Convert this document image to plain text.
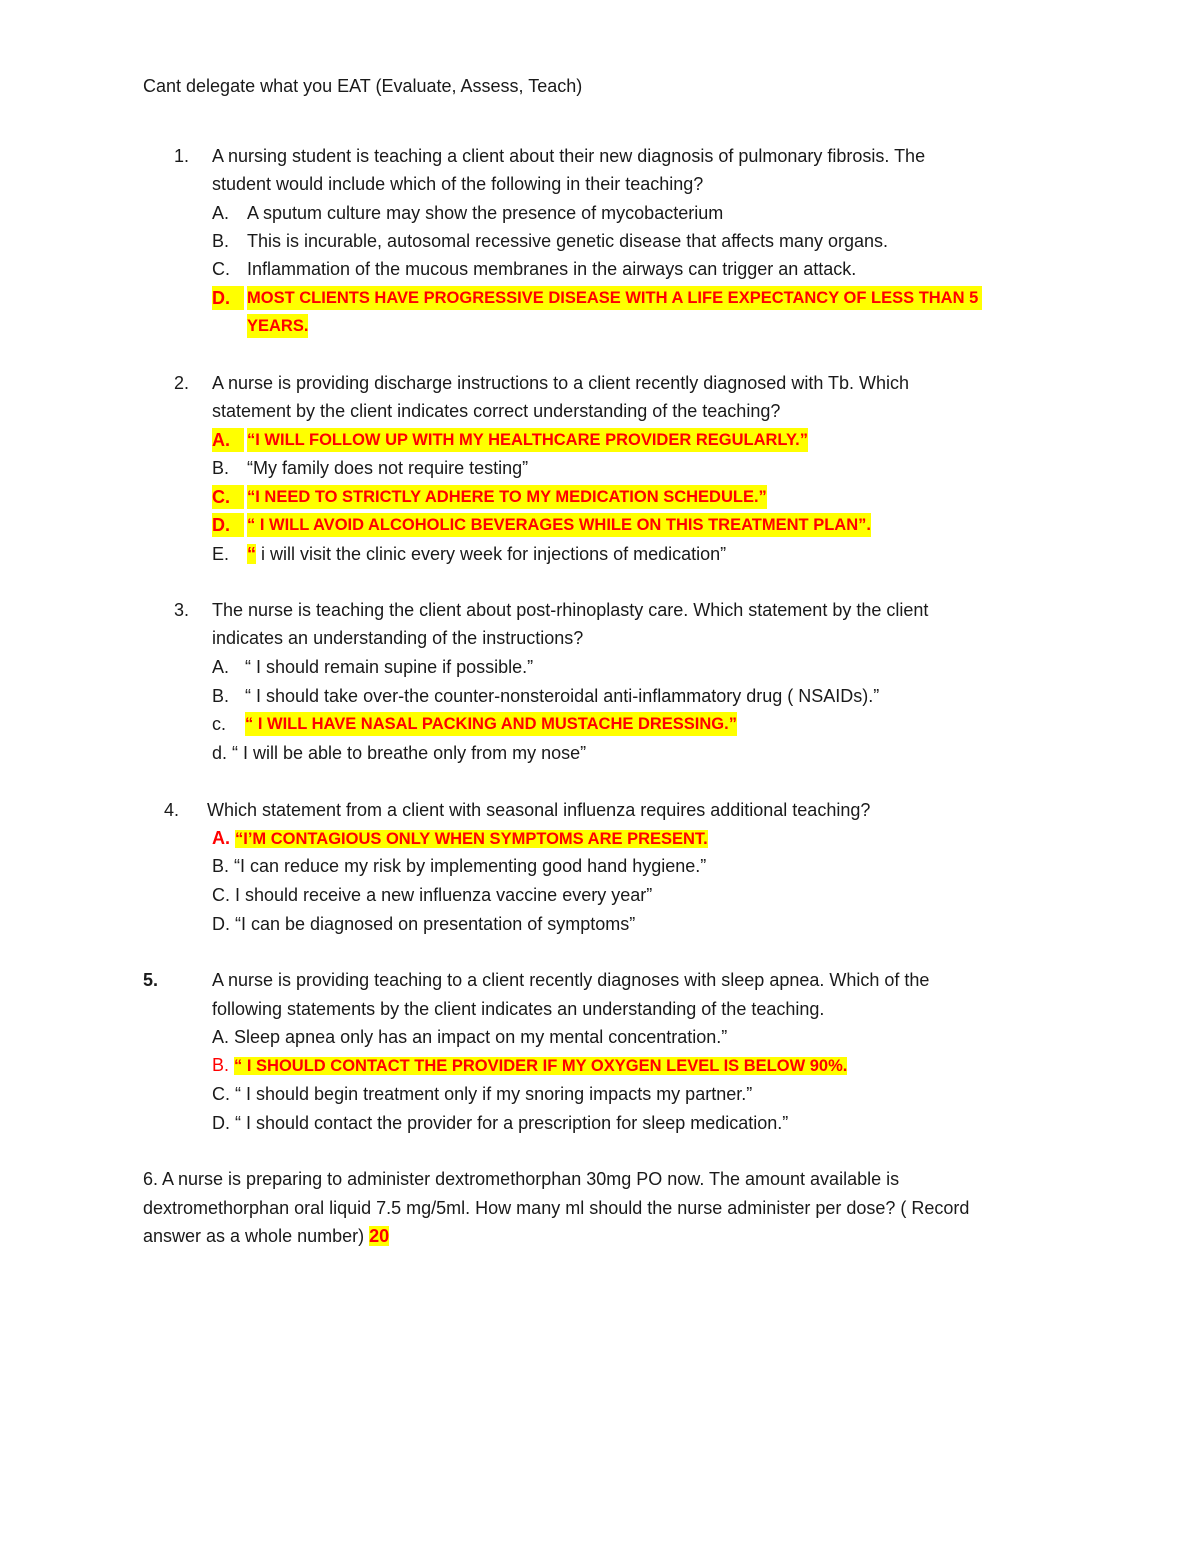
Cant delegate what you EAT (Evaluate, Assess, Teach)
1. A nursing student is teaching a client about their new diagnosis of pulmonary fibrosis. The
student would include which of the following in their teaching?
A. A sputum culture may show the presence of mycobacterium
B. This is incurable, autosomal recessive genetic disease that affects many organs.
C. Inflammation of the mucous membranes in the airways can trigger an attack.
D.	MOST CLIENTS HAVE PROGRESSIVE DISEASE WITH A LIFE EXPECTANCY OF LESS THAN 5
YEARS.
2. A nurse is providing discharge instructions to a client recently diagnosed with Tb. Which
statement by the client indicates correct understanding of the teaching?
A.	“I WILL FOLLOW UP WITH MY HEALTHCARE PROVIDER REGULARLY.”
B. “My family does not require testing”
C.	“I NEED TO STRICTLY ADHERE TO MY MEDICATION SCHEDULE.”
D.	“ I WILL AVOID ALCOHOLIC BEVERAGES WHILE ON THIS TREATMENT PLAN”.
E. “ i will visit the clinic every week for injections of medication”
3. The nurse is teaching the client about post-rhinoplasty care. Which statement by the client
indicates an understanding of the instructions?
A. “ I should remain supine if possible.”
B. “ I should take over-the counter-nonsteroidal anti-inflammatory drug ( NSAIDs).”
c. “ I WILL HAVE NASAL PACKING AND MUSTACHE DRESSING.”
d. “ I will be able to breathe only from my nose”
4. Which statement from a client with seasonal influenza requires additional teaching?
A. “I’M CONTAGIOUS ONLY WHEN SYMPTOMS ARE PRESENT.
B. “I can reduce my risk by implementing good hand hygiene.”
C. I should receive a new influenza vaccine every year”
D. “I can be diagnosed on presentation of symptoms”
5.	A nurse is providing teaching to a client recently diagnoses with sleep apnea. Which of the
following statements by the client indicates an understanding of the teaching.
A. Sleep apnea only has an impact on my mental concentration.”
B. “ I SHOULD CONTACT THE PROVIDER IF MY OXYGEN LEVEL IS BELOW 90%.
C. “ I should begin treatment only if my snoring impacts my partner.”
D. “ I should contact the provider for a prescription for sleep medication.”
6. A nurse is preparing to administer dextromethorphan 30mg PO now. The amount available is
dextromethorphan oral liquid 7.5 mg/5ml. How many ml should the nurse administer per dose? ( Record
answer as a whole number) 20
